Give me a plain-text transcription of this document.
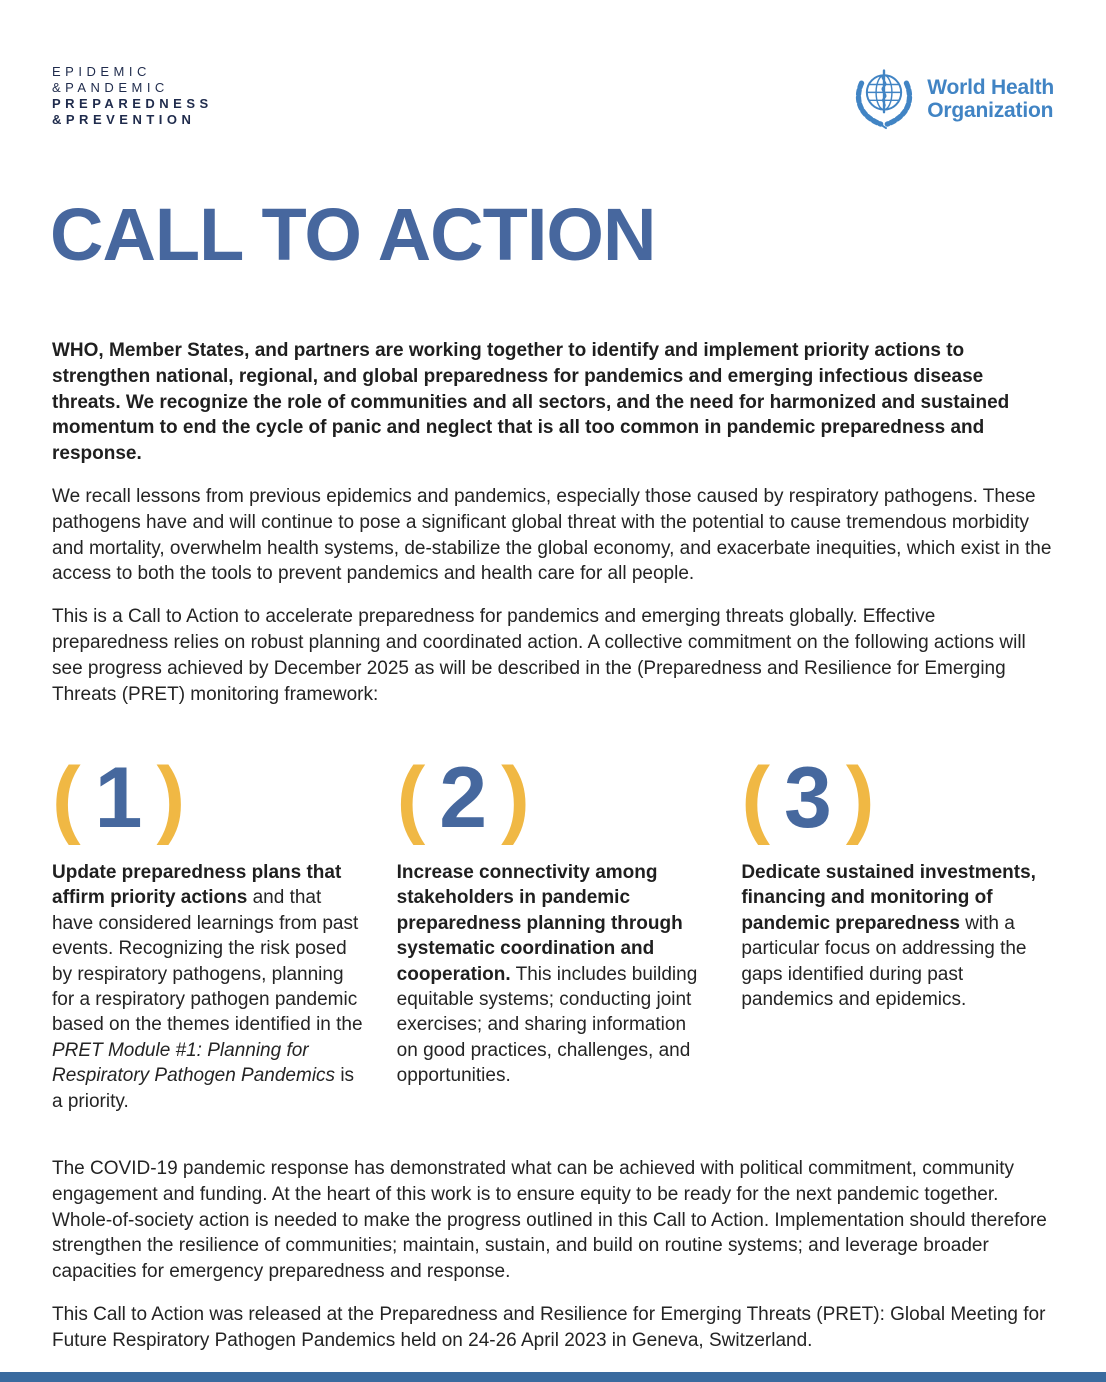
EPIDEMIC
&PANDEMIC
PREPAREDNESS
&PREVENTION
World Health
Organization
CALL TO ACTION

WHO, Member States, and partners are working together to identify and implement priority actions to strengthen national, regional, and global preparedness for pandemics and emerging infectious disease threats. We recognize the role of communities and all sectors, and the need for harmonized and sustained momentum to end the cycle of panic and neglect that is all too common in pandemic preparedness and response.

We recall lessons from previous epidemics and pandemics, especially those caused by respiratory pathogens. These pathogens have and will continue to pose a significant global threat with the potential to cause tremendous morbidity and mortality, overwhelm health systems, de-stabilize the global economy, and exacerbate inequities, which exist in the access to both the tools to prevent pandemics and health care for all people.

This is a Call to Action to accelerate preparedness for pandemics and emerging threats globally. Effective preparedness relies on robust planning and coordinated action. A collective commitment on the following actions will see progress achieved by December 2025 as will be described in the (Preparedness and Resilience for Emerging Threats (PRET) monitoring framework:

( 1 )

Update preparedness plans that affirm priority actions and that have considered learnings from past events. Recognizing the risk posed by respiratory pathogens, planning for a respiratory pathogen pandemic based on the themes identified in the PRET Module #1: Planning for Respiratory Pathogen Pandemics is a priority.

( 2 )

Increase connectivity among stakeholders in pandemic preparedness planning through systematic coordination and cooperation. This includes building equitable systems; conducting joint exercises; and sharing information on good practices, challenges, and opportunities.

( 3 )

Dedicate sustained investments, financing and monitoring of pandemic preparedness with a particular focus on addressing the gaps identified during past pandemics and epidemics.

The COVID-19 pandemic response has demonstrated what can be achieved with political commitment, community engagement and funding. At the heart of this work is to ensure equity to be ready for the next pandemic together. Whole-of-society action is needed to make the progress outlined in this Call to Action. Implementation should therefore strengthen the resilience of communities; maintain, sustain, and build on routine systems; and leverage broader capacities for emergency preparedness and response.

This Call to Action was released at the Preparedness and Resilience for Emerging Threats (PRET): Global Meeting for Future Respiratory Pathogen Pandemics held on 24-26 April 2023 in Geneva, Switzerland.
